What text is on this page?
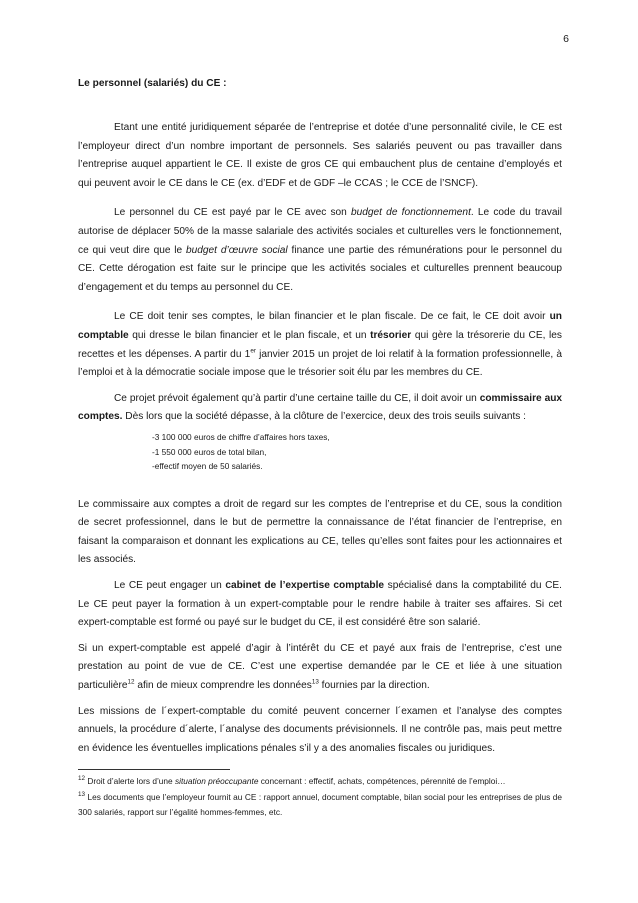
6

Le personnel (salariés) du CE :

Etant une entité juridiquement séparée de l’entreprise et dotée d’une personnalité civile, le CE est l’employeur direct d’un nombre important de personnels. Ses salariés peuvent ou pas travailler dans l’entreprise auquel appartient le CE. Il existe de gros CE qui embauchent plus de centaine d’employés et qui peuvent avoir le CE dans le CE (ex. d’EDF et de GDF –le CCAS ; le CCE de l’SNCF).

Le personnel du CE est payé par le CE avec son budget de fonctionnement. Le code du travail autorise de déplacer 50% de la masse salariale des activités sociales et culturelles vers le fonctionnement, ce qui veut dire que le budget d’œuvre social finance une partie des rémunérations pour le personnel du CE. Cette dérogation est faite sur le principe que les activités sociales et culturelles prennent beaucoup d’engagement et du temps au personnel du CE.

Le CE doit tenir ses comptes, le bilan financier et le plan fiscale. De ce fait, le CE doit avoir un comptable qui dresse le bilan financier et le plan fiscale, et un trésorier qui gère la trésorerie du CE, les recettes et les dépenses. A partir du 1er janvier 2015 un projet de loi relatif à la formation professionnelle, à l’emploi et à la démocratie sociale impose que le trésorier soit élu par les membres du CE.

Ce projet prévoit également qu’à partir d’une certaine taille du CE, il doit avoir un commissaire aux comptes. Dès lors que la société dépasse, à la clôture de l’exercice, deux des trois seuils suivants :

-3 100 000 euros de chiffre d’affaires hors taxes,
-1 550 000 euros de total bilan,
-effectif moyen de 50 salariés.

Le commissaire aux comptes a droit de regard sur les comptes de l’entreprise et du CE, sous la condition de secret professionnel, dans le but de permettre la connaissance de l’état financier de l’entreprise, en faisant la comparaison et donnant les explications au CE, telles qu’elles sont faites pour les actionnaires et les associés.

Le CE peut engager un cabinet de l’expertise comptable spécialisé dans la comptabilité du CE. Le CE peut payer la formation à un expert-comptable pour le rendre habile à traiter ses affaires. Si cet expert-comptable est formé ou payé sur le budget du CE, il est considéré être son salarié.

Si un expert-comptable est appelé d’agir à l’intérêt du CE et payé aux frais de l’entreprise, c’est une prestation au point de vue de CE. C’est une expertise demandée par le CE et liée à une situation particulière$^{12}$ afin de mieux comprendre les données$^{13}$ fournies par la direction.

Les missions de l´expert-comptable du comité peuvent concerner l´examen et l’analyse des comptes annuels, la procédure d´alerte, l´analyse des documents prévisionnels. Il ne contrôle pas, mais peut mettre en évidence les éventuelles implications pénales s’il y a des anomalies fiscales ou juridiques.

$^{12}$ Droit d’alerte lors d’une situation préoccupante concernant : effectif, achats, compétences, pérennité de l’emploi…

$^{13}$ Les documents que l’employeur fournit au CE : rapport annuel, document comptable, bilan social pour les entreprises de plus de 300 salariés, rapport sur l’égalité hommes-femmes, etc.
